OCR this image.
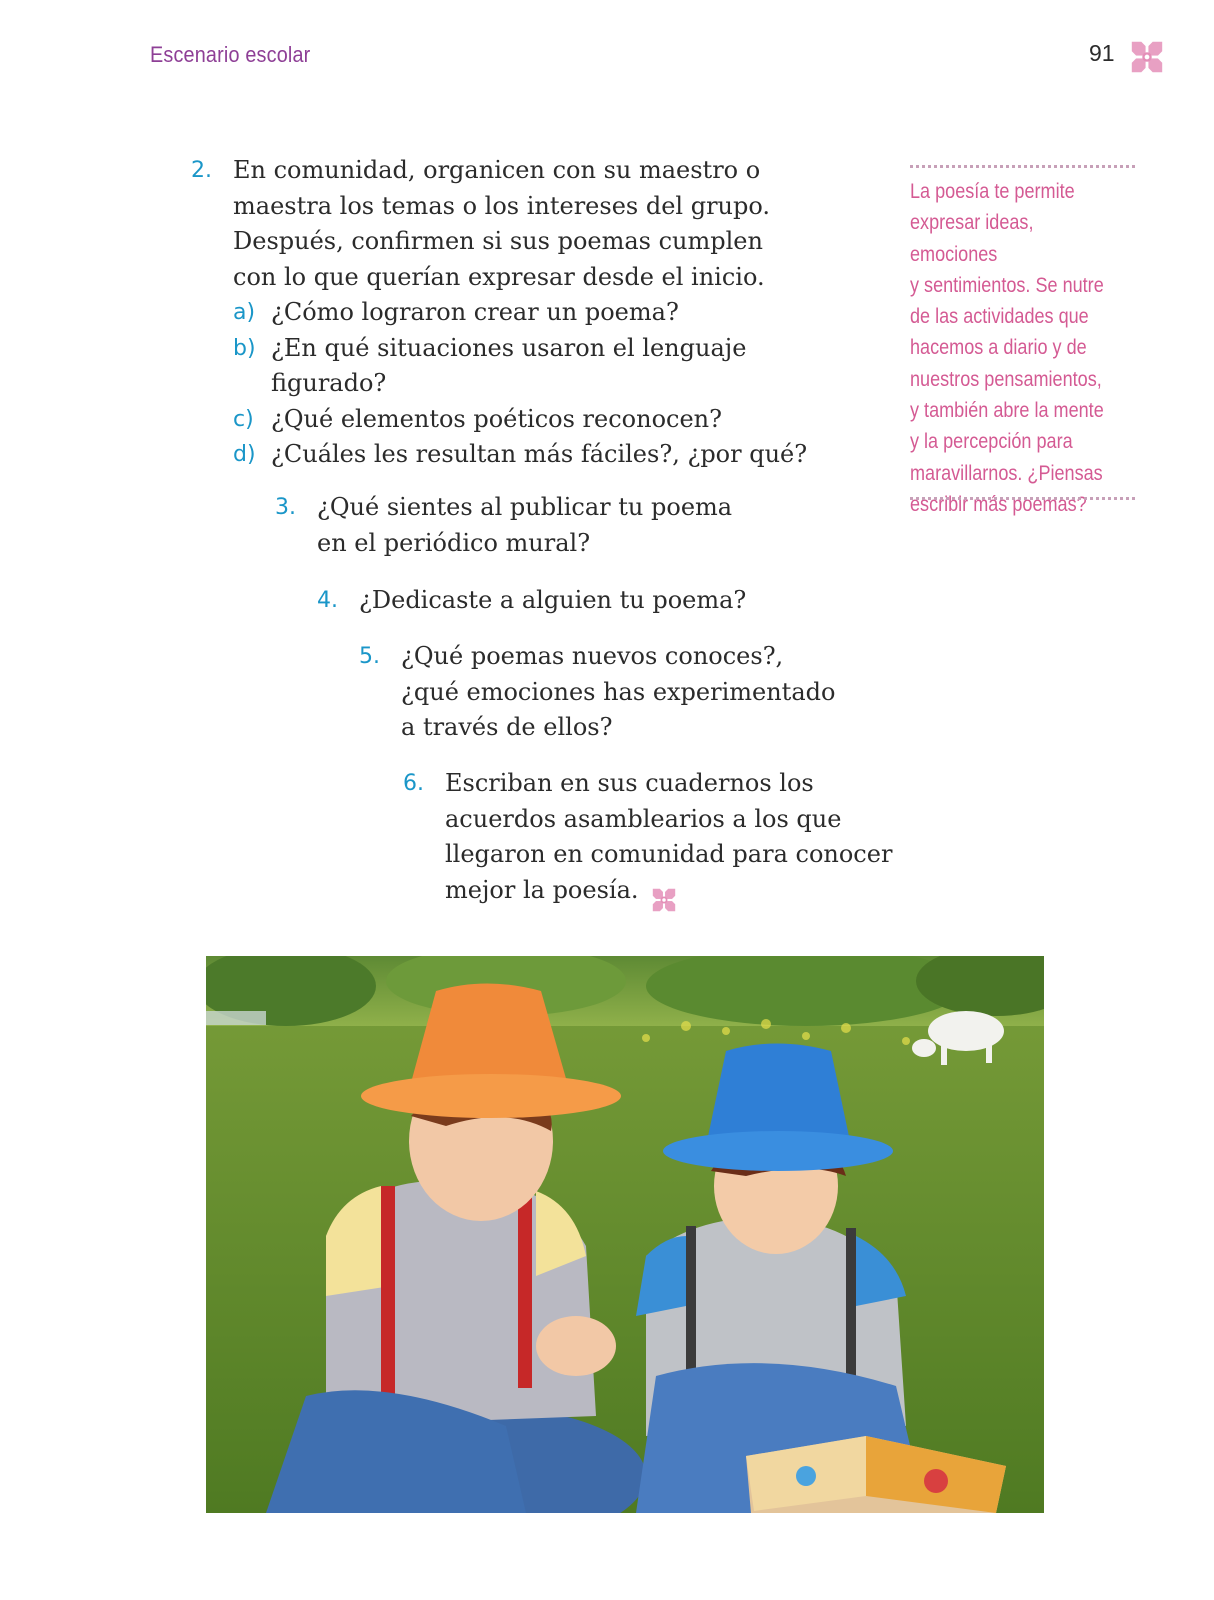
Escenario escolar	91
2. En comunidad, organicen con su maestro o
maestra los temas o los intereses del grupo.
Después, confirmen si sus poemas cumplen
con lo que querían expresar desde el inicio.
a) ¿Cómo lograron crear un poema?
b) ¿En qué situaciones usaron el lenguaje
figurado?
c) ¿Qué elementos poéticos reconocen?
d) ¿Cuáles les resultan más fáciles?, ¿por qué?
3. ¿Qué sientes al publicar tu poema
en el periódico mural?
4. ¿Dedicaste a alguien tu poema?
5. ¿Qué poemas nuevos conoces?,
¿qué emociones has experimentado
a través de ellos?
6. Escriban en sus cuadernos los
acuerdos asamblearios a los que
llegaron en comunidad para conocer
mejor la poesía.
La poesía te permite
expresar ideas, emociones
y sentimientos. Se nutre
de las actividades que
hacemos a diario y de
nuestros pensamientos,
y también abre la mente
y la percepción para
maravillarnos. ¿Piensas
escribir más poemas?
